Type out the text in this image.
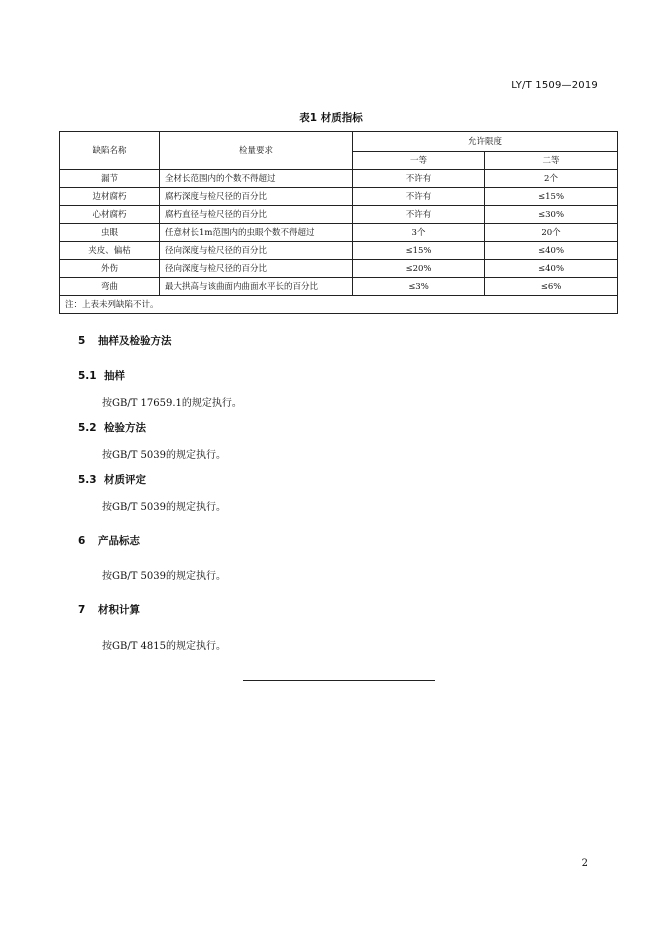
LY/T 1509—2019
表1 材质指标
缺陷名称	检量要求	允许限度	
		一等	二等
漏节	全材长范围内的个数不得超过	不许有	2个
边材腐朽	腐朽深度与检尺径的百分比	不许有	≤15%
心材腐朽	腐朽直径与检尺径的百分比	不许有	≤30%
虫眼	任意材长1m范围内的虫眼个数不得超过	3个	20个
夹皮、偏枯	径向深度与检尺径的百分比	≤15%	≤40%
外伤	径向深度与检尺径的百分比	≤20%	≤40%
弯曲	最大拱高与该曲面内曲面水平长的百分比	≤3%	≤6%
注：上表未列缺陷不计。			
5 抽样及检验方法
5.1 抽样
按GB/T 17659.1的规定执行。
5.2 检验方法
按GB/T 5039的规定执行。
5.3 材质评定
按GB/T 5039的规定执行。
6 产品标志
按GB/T 5039的规定执行。
7 材积计算
按GB/T 4815的规定执行。
2
